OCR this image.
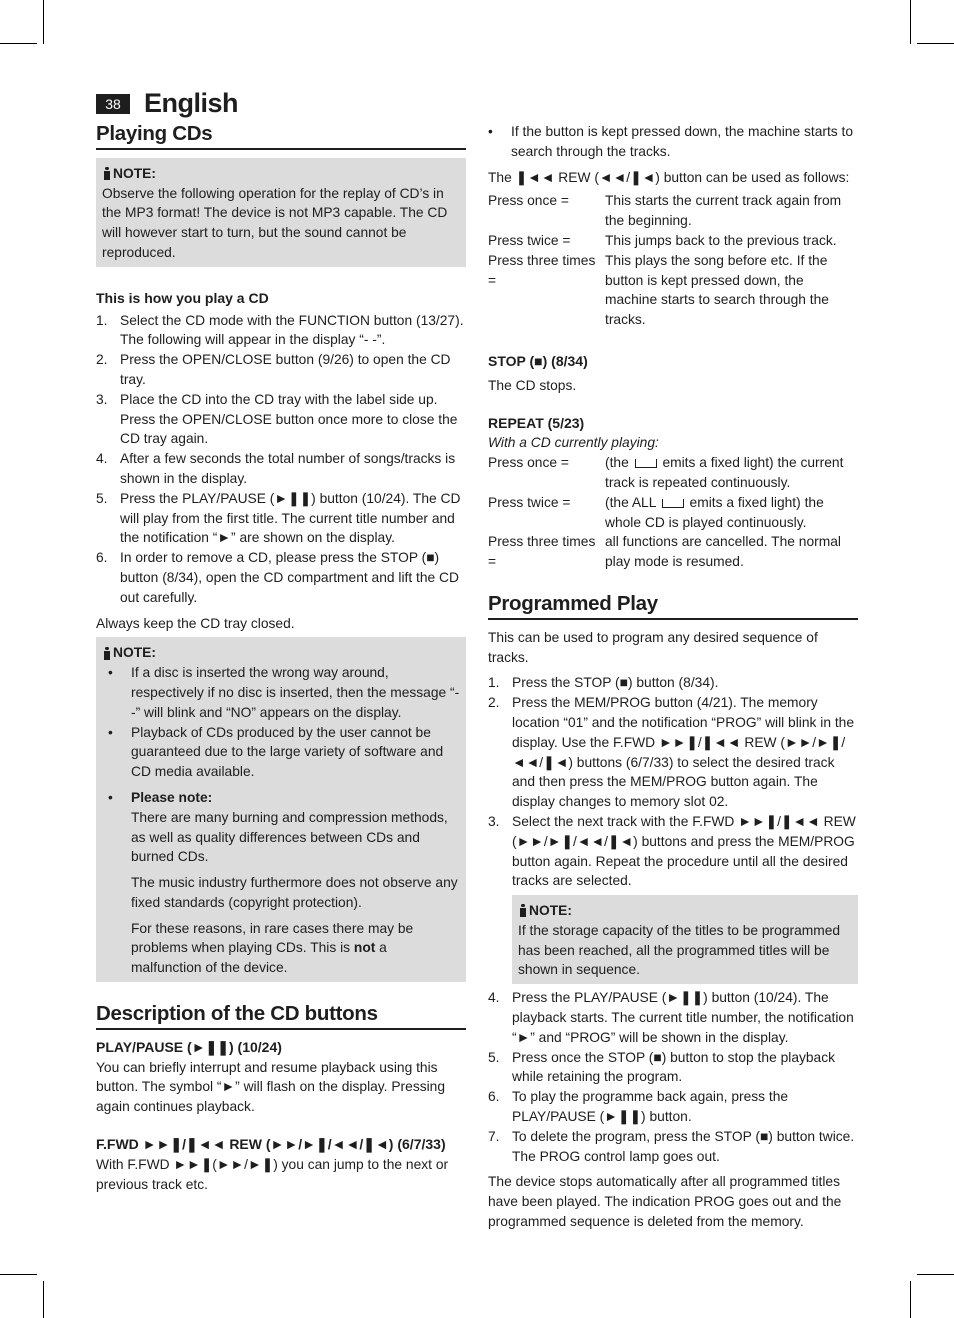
38 English
Playing CDs
NOTE:

Observe the following operation for the replay of CD’s in the MP3 format! The device is not MP3 capable. The CD will however start to turn, but the sound cannot be reproduced.

This is how you play a CD
1. Select the CD mode with the FUNCTION button (13/27). The following will appear in the display “- -”.
2. Press the OPEN/CLOSE button (9/26) to open the CD tray.
3. Place the CD into the CD tray with the label side up. Press the OPEN/CLOSE button once more to close the CD tray again.
4. After a few seconds the total number of songs/tracks is shown in the display.
5. Press the PLAY/PAUSE (►❚❚) button (10/24). The CD will play from the first title. The current title number and the notification “►” are shown on the display.
6. In order to remove a CD, please press the STOP (■) button (8/34), open the CD compartment and lift the CD out carefully.

Always keep the CD tray closed.

NOTE:
•	If a disc is inserted the wrong way around, respectively if no disc is inserted, then the message “- -” will blink and “NO” appears on the display.
•	Playback of CDs produced by the user cannot be guaranteed due to the large variety of software and CD media available.
•	Please note:
There are many burning and compression methods, as well as quality differences between CDs and burned CDs.
The music industry furthermore does not observe any fixed standards (copyright protection).
For these reasons, in rare cases there may be problems when playing CDs. This is not a malfunction of the device.
Description of the CD buttons
PLAY/PAUSE (►❚❚) (10/24)

You can briefly interrupt and resume playback using this button. The symbol “►” will flash on the display. Pressing again continues playback.

F.FWD ►►❚/❚◄◄ REW (►►/►❚/◄◄/❚◄) (6/7/33)

With F.FWD ►►❚(►►/►❚) you can jump to the next or previous track etc.

•	If the button is kept pressed down, the machine starts to search through the tracks.

The ❚◄◄ REW (◄◄/❚◄) button can be used as follows:

Press once =	This starts the current track again from the beginning.
Press twice =	This jumps back to the previous track.
Press three times =
This plays the song before etc. If the button is kept pressed down, the machine starts to search through the tracks.
STOP (■) (8/34)

The CD stops.

REPEAT (5/23)

With a CD currently playing:

Press once =	(the  emits a fixed light) the current track is repeated continuously.
Press twice =	(the ALL  emits a fixed light) the whole CD is played continuously.
Press three times =
all functions are cancelled. The normal play mode is resumed.
Programmed Play

This can be used to program any desired sequence of tracks.

1. Press the STOP (■) button (8/34).
2. Press the MEM/PROG button (4/21). The memory location “01” and the notification “PROG” will blink in the display. Use the F.FWD ►►❚/❚◄◄ REW (►►/►❚/◄◄/❚◄) buttons (6/7/33) to select the desired track and then press the MEM/PROG button again. The display changes to memory slot 02.
3. Select the next track with the F.FWD ►►❚/❚◄◄ REW (►►/►❚/◄◄/❚◄) buttons and press the MEM/PROG button again. Repeat the procedure until all the desired tracks are selected.
NOTE:

If the storage capacity of the titles to be programmed has been reached, all the programmed titles will be shown in sequence.

4. Press the PLAY/PAUSE (►❚❚) button (10/24). The playback starts. The current title number, the notification “►” and “PROG” will be shown in the display.
5. Press once the STOP (■) button to stop the playback while retaining the program.
6. To play the programme back again, press the PLAY/PAUSE (►❚❚) button.
7. To delete the program, press the STOP (■) button twice. The PROG control lamp goes out.

The device stops automatically after all programmed titles have been played. The indication PROG goes out and the programmed sequence is deleted from the memory.
